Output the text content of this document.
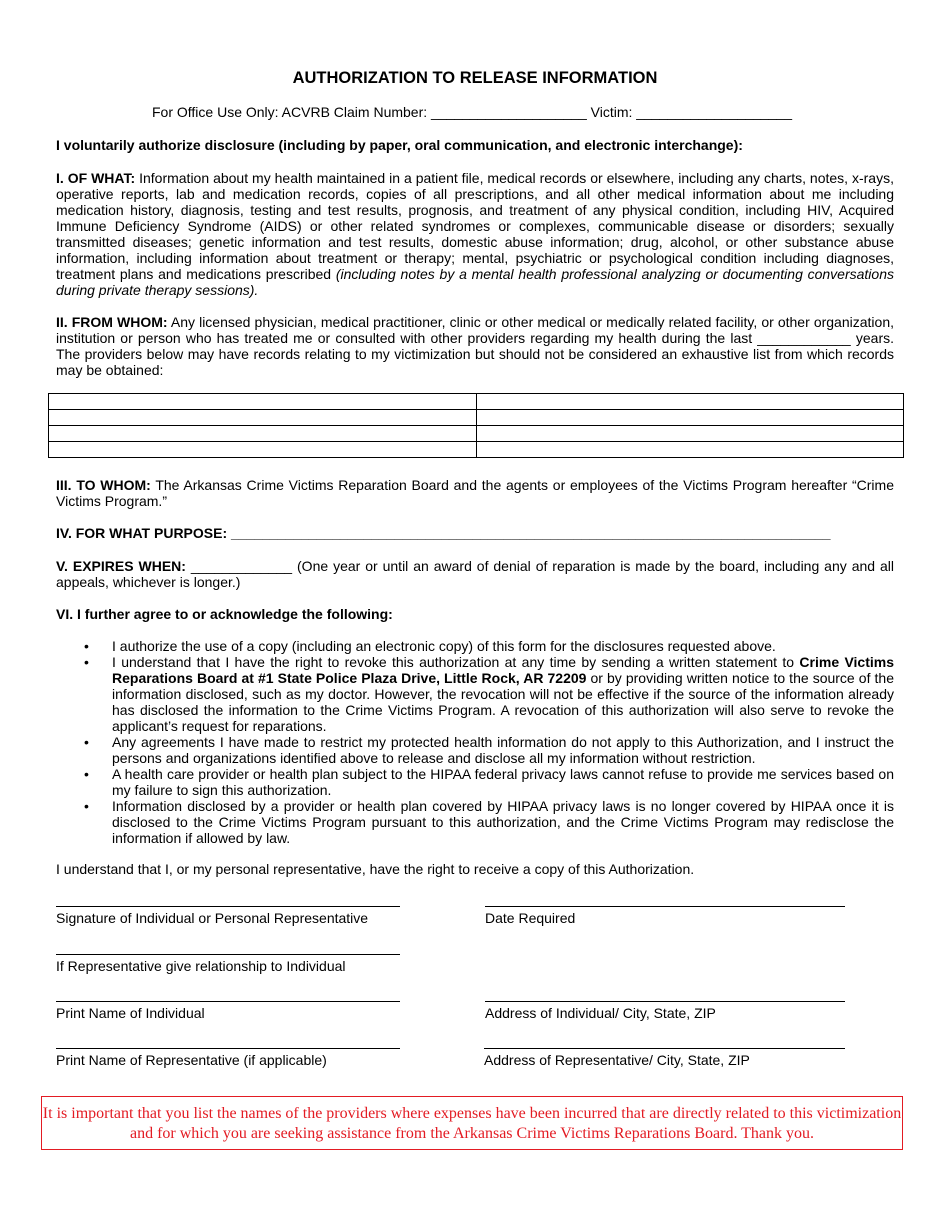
AUTHORIZATION TO RELEASE INFORMATION
For Office Use Only: ACVRB Claim Number: ____________________ Victim: ____________________
I voluntarily authorize disclosure (including by paper, oral communication, and electronic interchange):
I. OF WHAT: Information about my health maintained in a patient file, medical records or elsewhere, including any charts, notes, x-rays, operative reports, lab and medication records, copies of all prescriptions, and all other medical information about me including medication history, diagnosis, testing and test results, prognosis, and treatment of any physical condition, including HIV, Acquired Immune Deficiency Syndrome (AIDS) or other related syndromes or complexes, communicable disease or disorders; sexually transmitted diseases; genetic information and test results, domestic abuse information; drug, alcohol, or other substance abuse information, including information about treatment or therapy; mental, psychiatric or psychological condition including diagnoses, treatment plans and medications prescribed (including notes by a mental health professional analyzing or documenting conversations during private therapy sessions).
II. FROM WHOM: Any licensed physician, medical practitioner, clinic or other medical or medically related facility, or other organization, institution or person who has treated me or consulted with other providers regarding my health during the last ____________ years. The providers below may have records relating to my victimization but should not be considered an exhaustive list from which records may be obtained:

III. TO WHOM: The Arkansas Crime Victims Reparation Board and the agents or employees of the Victims Program hereafter “Crime Victims Program.”
IV. FOR WHAT PURPOSE: _____________________________________________________________________________
V. EXPIRES WHEN: _____________ (One year or until an award of denial of reparation is made by the board, including any and all appeals, whichever is longer.)
VI. I further agree to or acknowledge the following:
• I authorize the use of a copy (including an electronic copy) of this form for the disclosures requested above.
• I understand that I have the right to revoke this authorization at any time by sending a written statement to Crime Victims Reparations Board at #1 State Police Plaza Drive, Little Rock, AR 72209 or by providing written notice to the source of the information disclosed, such as my doctor. However, the revocation will not be effective if the source of the information already has disclosed the information to the Crime Victims Program. A revocation of this authorization will also serve to revoke the applicant’s request for reparations.
• Any agreements I have made to restrict my protected health information do not apply to this Authorization, and I instruct the persons and organizations identified above to release and disclose all my information without restriction.
• A health care provider or health plan subject to the HIPAA federal privacy laws cannot refuse to provide me services based on my failure to sign this authorization.
• Information disclosed by a provider or health plan covered by HIPAA privacy laws is no longer covered by HIPAA once it is disclosed to the Crime Victims Program pursuant to this authorization, and the Crime Victims Program may redisclose the information if allowed by law.
I understand that I, or my personal representative, have the right to receive a copy of this Authorization.
Signature of Individual or Personal Representative	Date Required
If Representative give relationship to Individual
Print Name of Individual	Address of Individual/ City, State, ZIP
Print Name of Representative (if applicable)	Address of Representative/ City, State, ZIP
It is important that you list the names of the providers where expenses have been incurred that are directly related to this victimization and for which you are seeking assistance from the Arkansas Crime Victims Reparations Board. Thank you.
